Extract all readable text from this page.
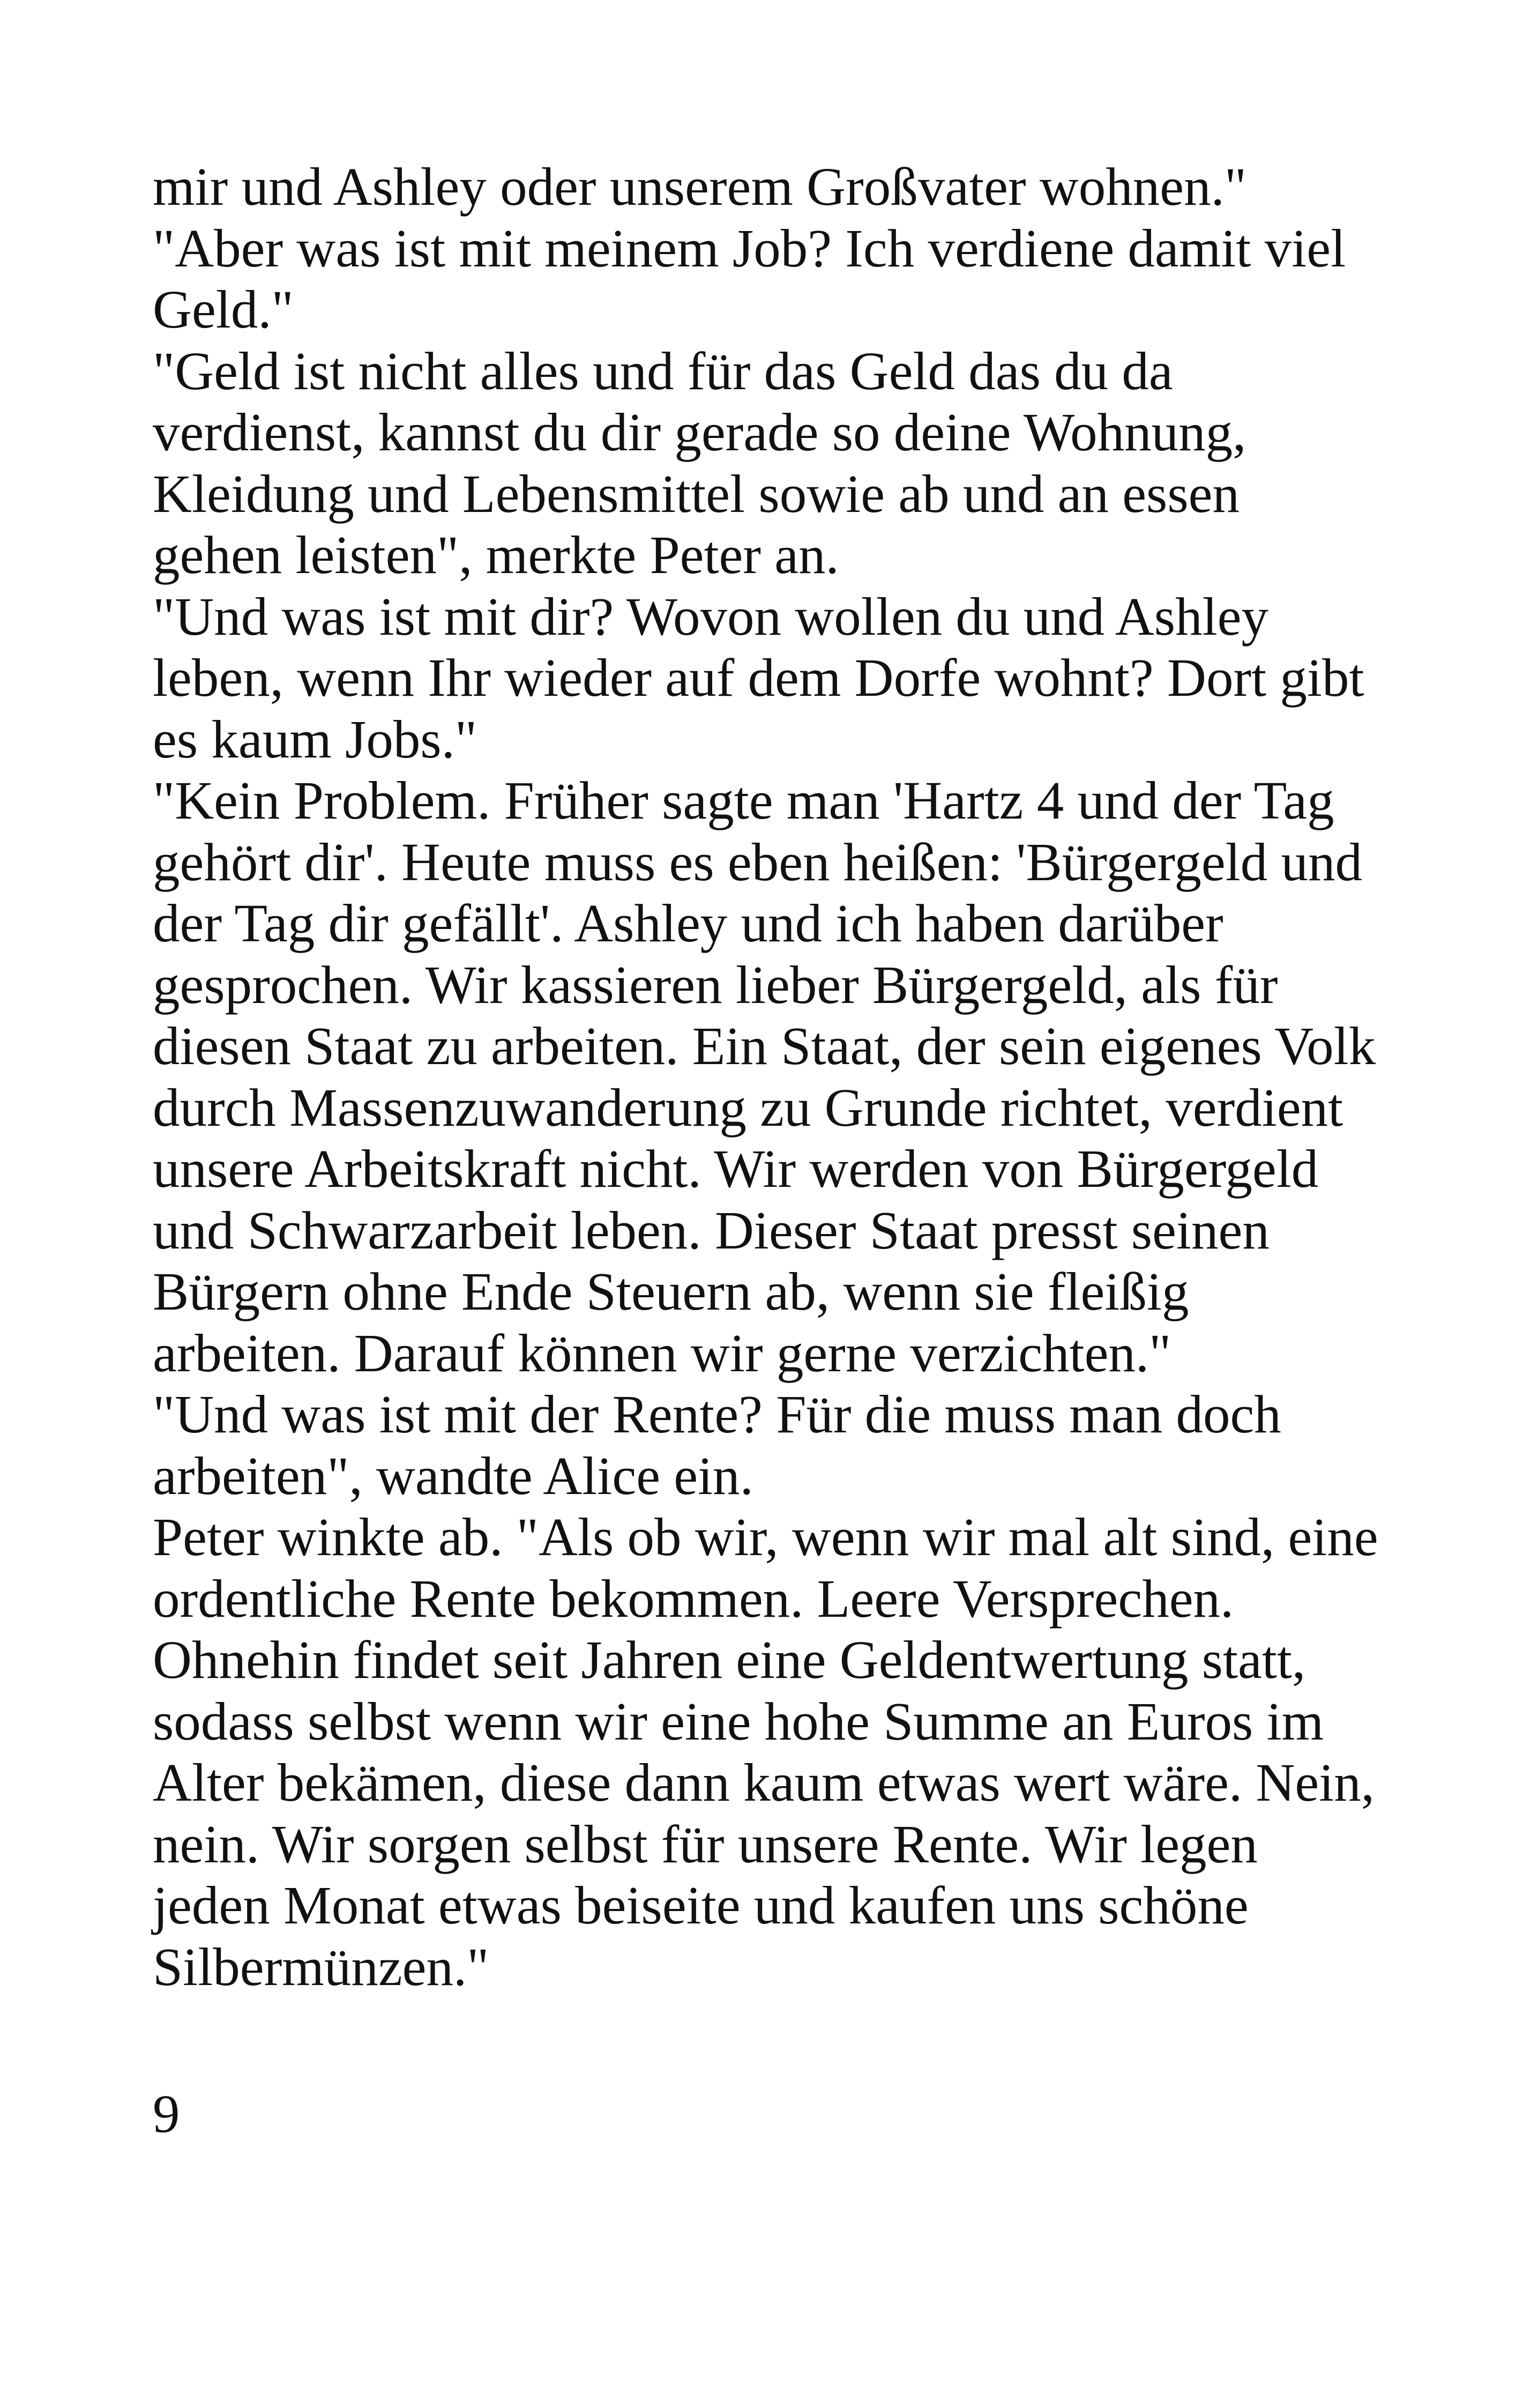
mir und Ashley oder unserem Großvater wohnen."
"Aber was ist mit meinem Job? Ich verdiene damit viel
Geld."
"Geld ist nicht alles und für das Geld das du da
verdienst, kannst du dir gerade so deine Wohnung,
Kleidung und Lebensmittel sowie ab und an essen
gehen leisten", merkte Peter an.
"Und was ist mit dir? Wovon wollen du und Ashley
leben, wenn Ihr wieder auf dem Dorfe wohnt? Dort gibt
es kaum Jobs."
"Kein Problem. Früher sagte man 'Hartz 4 und der Tag
gehört dir'. Heute muss es eben heißen: 'Bürgergeld und
der Tag dir gefällt'. Ashley und ich haben darüber
gesprochen. Wir kassieren lieber Bürgergeld, als für
diesen Staat zu arbeiten. Ein Staat, der sein eigenes Volk
durch Massenzuwanderung zu Grunde richtet, verdient
unsere Arbeitskraft nicht. Wir werden von Bürgergeld
und Schwarzarbeit leben. Dieser Staat presst seinen
Bürgern ohne Ende Steuern ab, wenn sie fleißig
arbeiten. Darauf können wir gerne verzichten."
"Und was ist mit der Rente? Für die muss man doch
arbeiten", wandte Alice ein.
Peter winkte ab. "Als ob wir, wenn wir mal alt sind, eine
ordentliche Rente bekommen. Leere Versprechen.
Ohnehin findet seit Jahren eine Geldentwertung statt,
sodass selbst wenn wir eine hohe Summe an Euros im
Alter bekämen, diese dann kaum etwas wert wäre. Nein,
nein. Wir sorgen selbst für unsere Rente. Wir legen
jeden Monat etwas beiseite und kaufen uns schöne
Silbermünzen."
9
